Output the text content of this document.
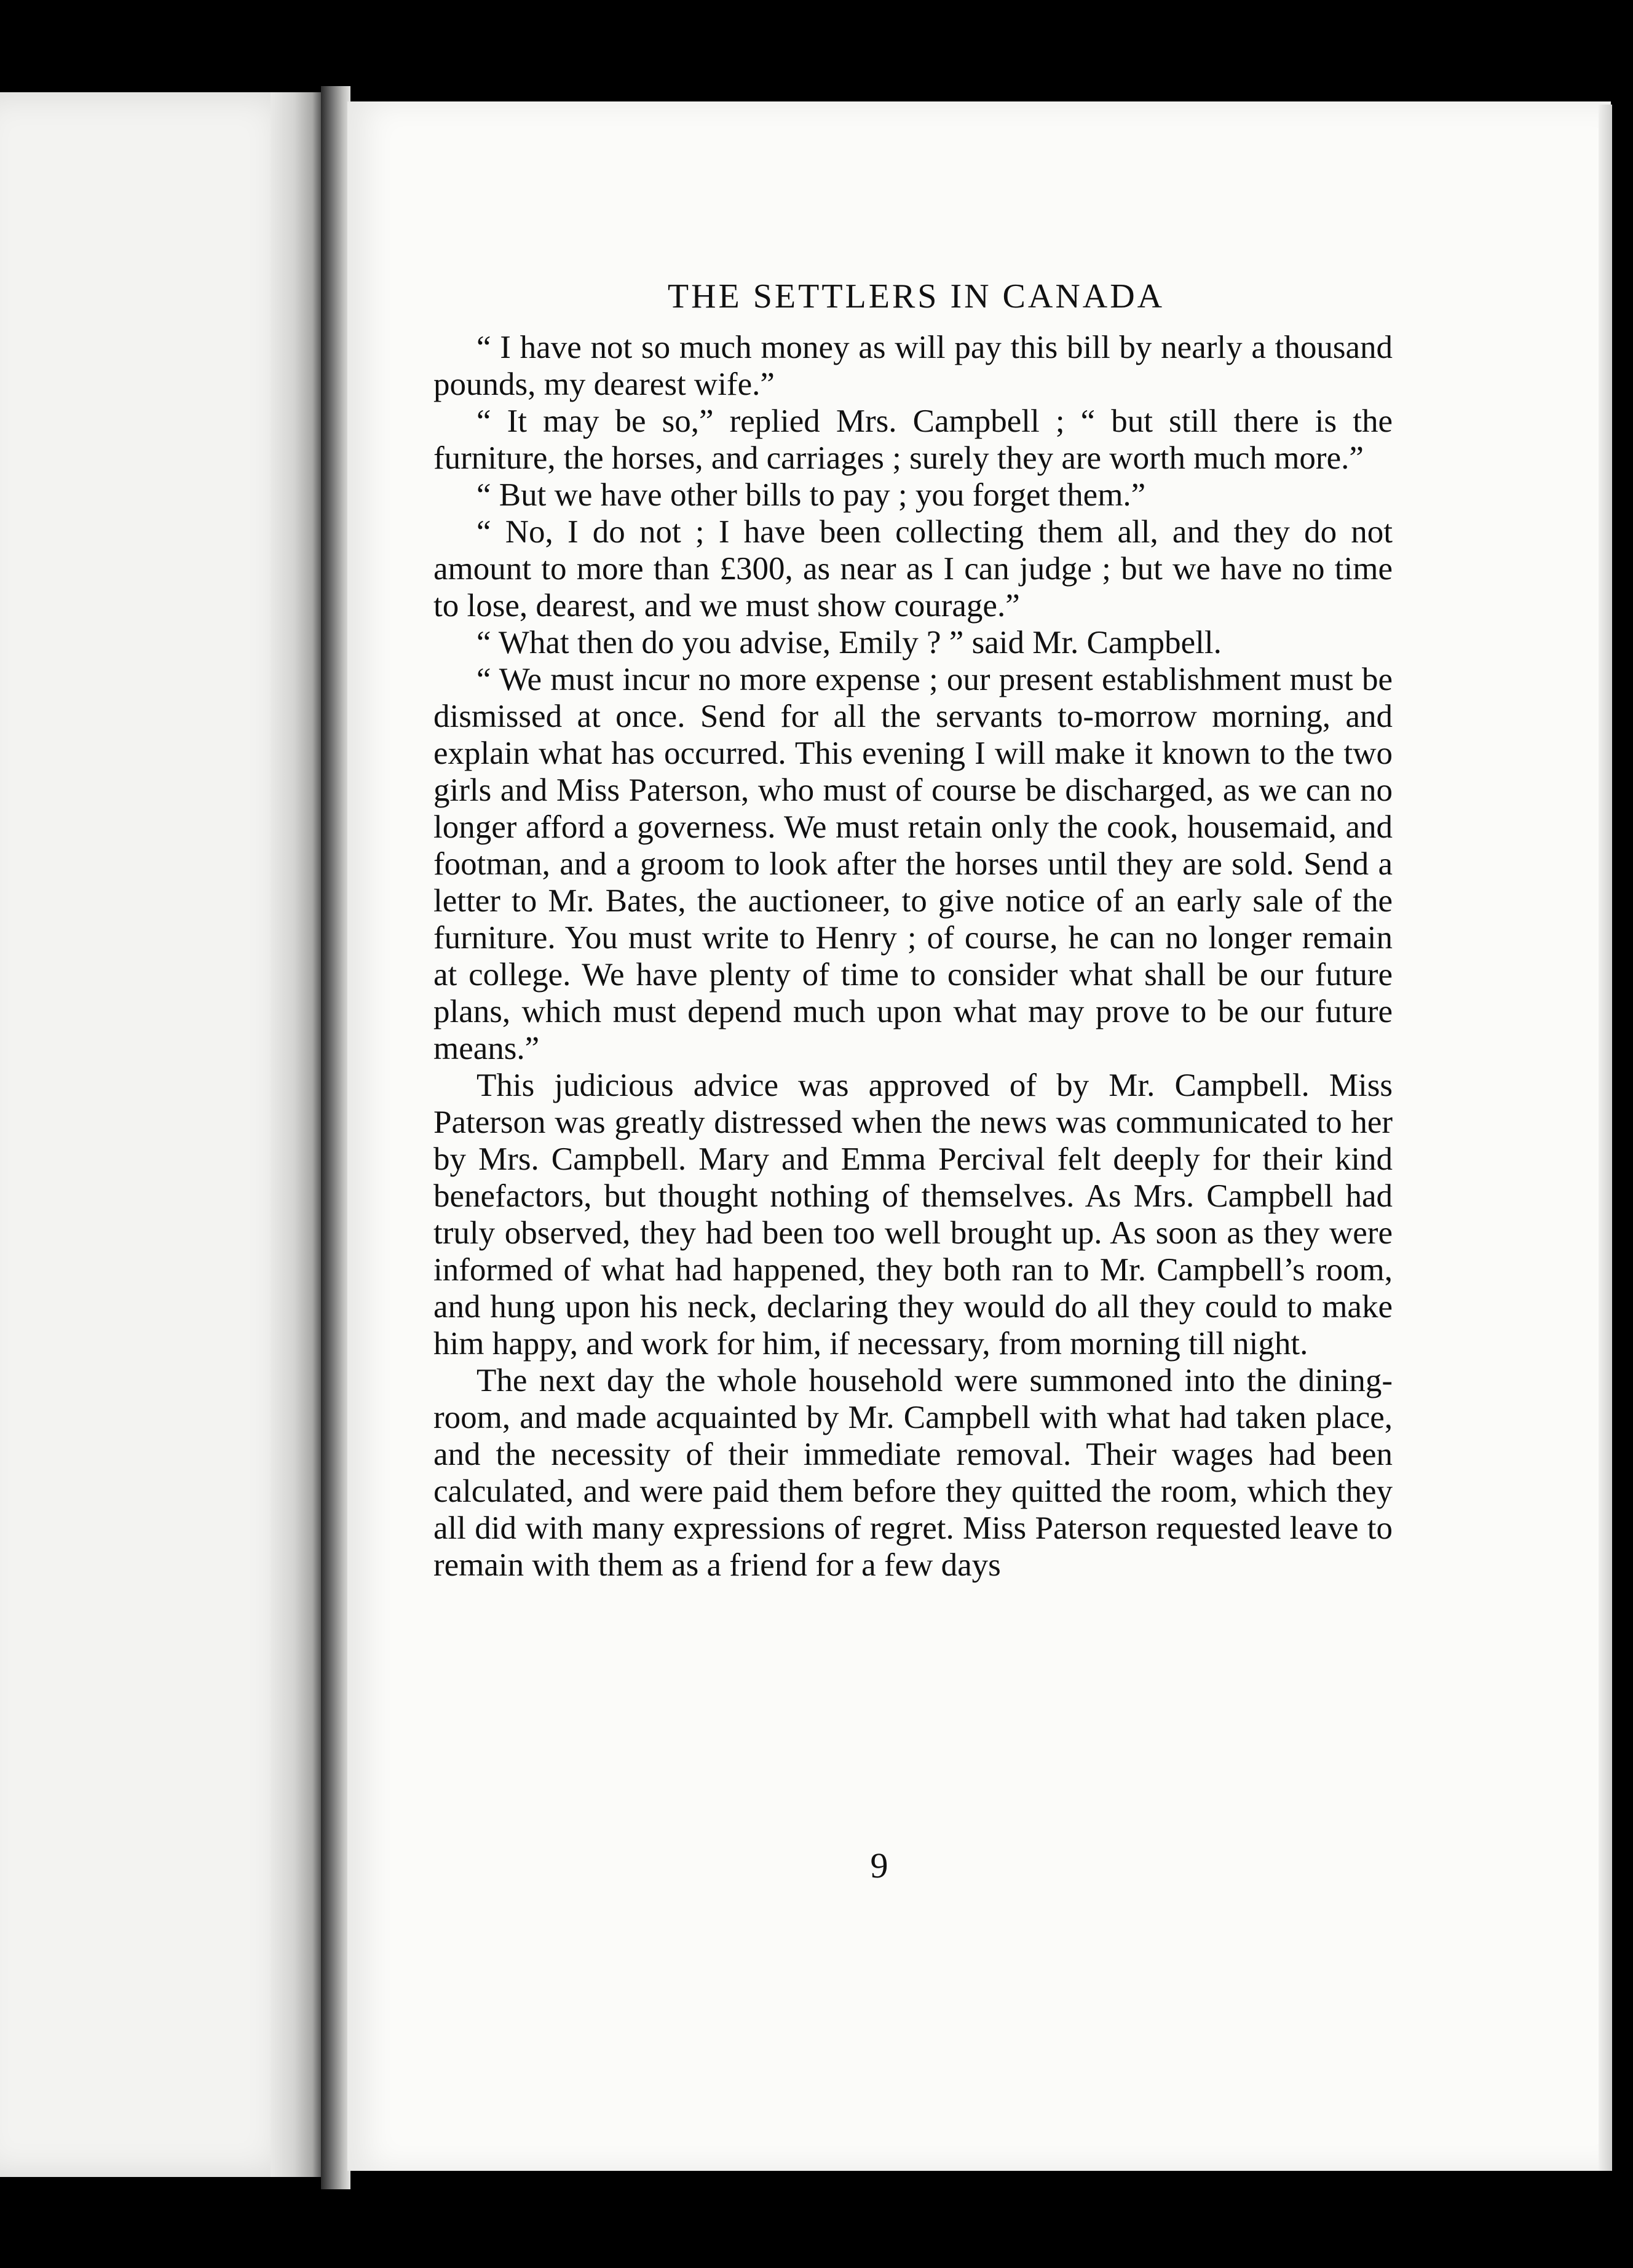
THE SETTLERS IN CANADA

“ I have not so much money as will pay this bill by nearly a thousand pounds, my dearest wife.”

“ It may be so,” replied Mrs. Campbell ; “ but still there is the furniture, the horses, and carriages ; surely they are worth much more.”

“ But we have other bills to pay ; you forget them.”

“ No, I do not ; I have been collecting them all, and they do not amount to more than £300, as near as I can judge ; but we have no time to lose, dearest, and we must show courage.”

“ What then do you advise, Emily ? ” said Mr. Campbell.

“ We must incur no more expense ; our present establishment must be dismissed at once. Send for all the servants to-morrow morning, and explain what has occurred. This evening I will make it known to the two girls and Miss Paterson, who must of course be discharged, as we can no longer afford a governess. We must retain only the cook, housemaid, and footman, and a groom to look after the horses until they are sold. Send a letter to Mr. Bates, the auctioneer, to give notice of an early sale of the furniture. You must write to Henry ; of course, he can no longer remain at college. We have plenty of time to consider what shall be our future plans, which must depend much upon what may prove to be our future means.”

This judicious advice was approved of by Mr. Campbell. Miss Paterson was greatly distressed when the news was communicated to her by Mrs. Campbell. Mary and Emma Percival felt deeply for their kind benefactors, but thought nothing of themselves. As Mrs. Campbell had truly observed, they had been too well brought up. As soon as they were informed of what had happened, they both ran to Mr. Campbell’s room, and hung upon his neck, declaring they would do all they could to make him happy, and work for him, if necessary, from morning till night.

The next day the whole household were summoned into the dining-room, and made acquainted by Mr. Campbell with what had taken place, and the necessity of their immediate removal. Their wages had been calculated, and were paid them before they quitted the room, which they all did with many expressions of regret. Miss Paterson requested leave to remain with them as a friend for a few days

9
